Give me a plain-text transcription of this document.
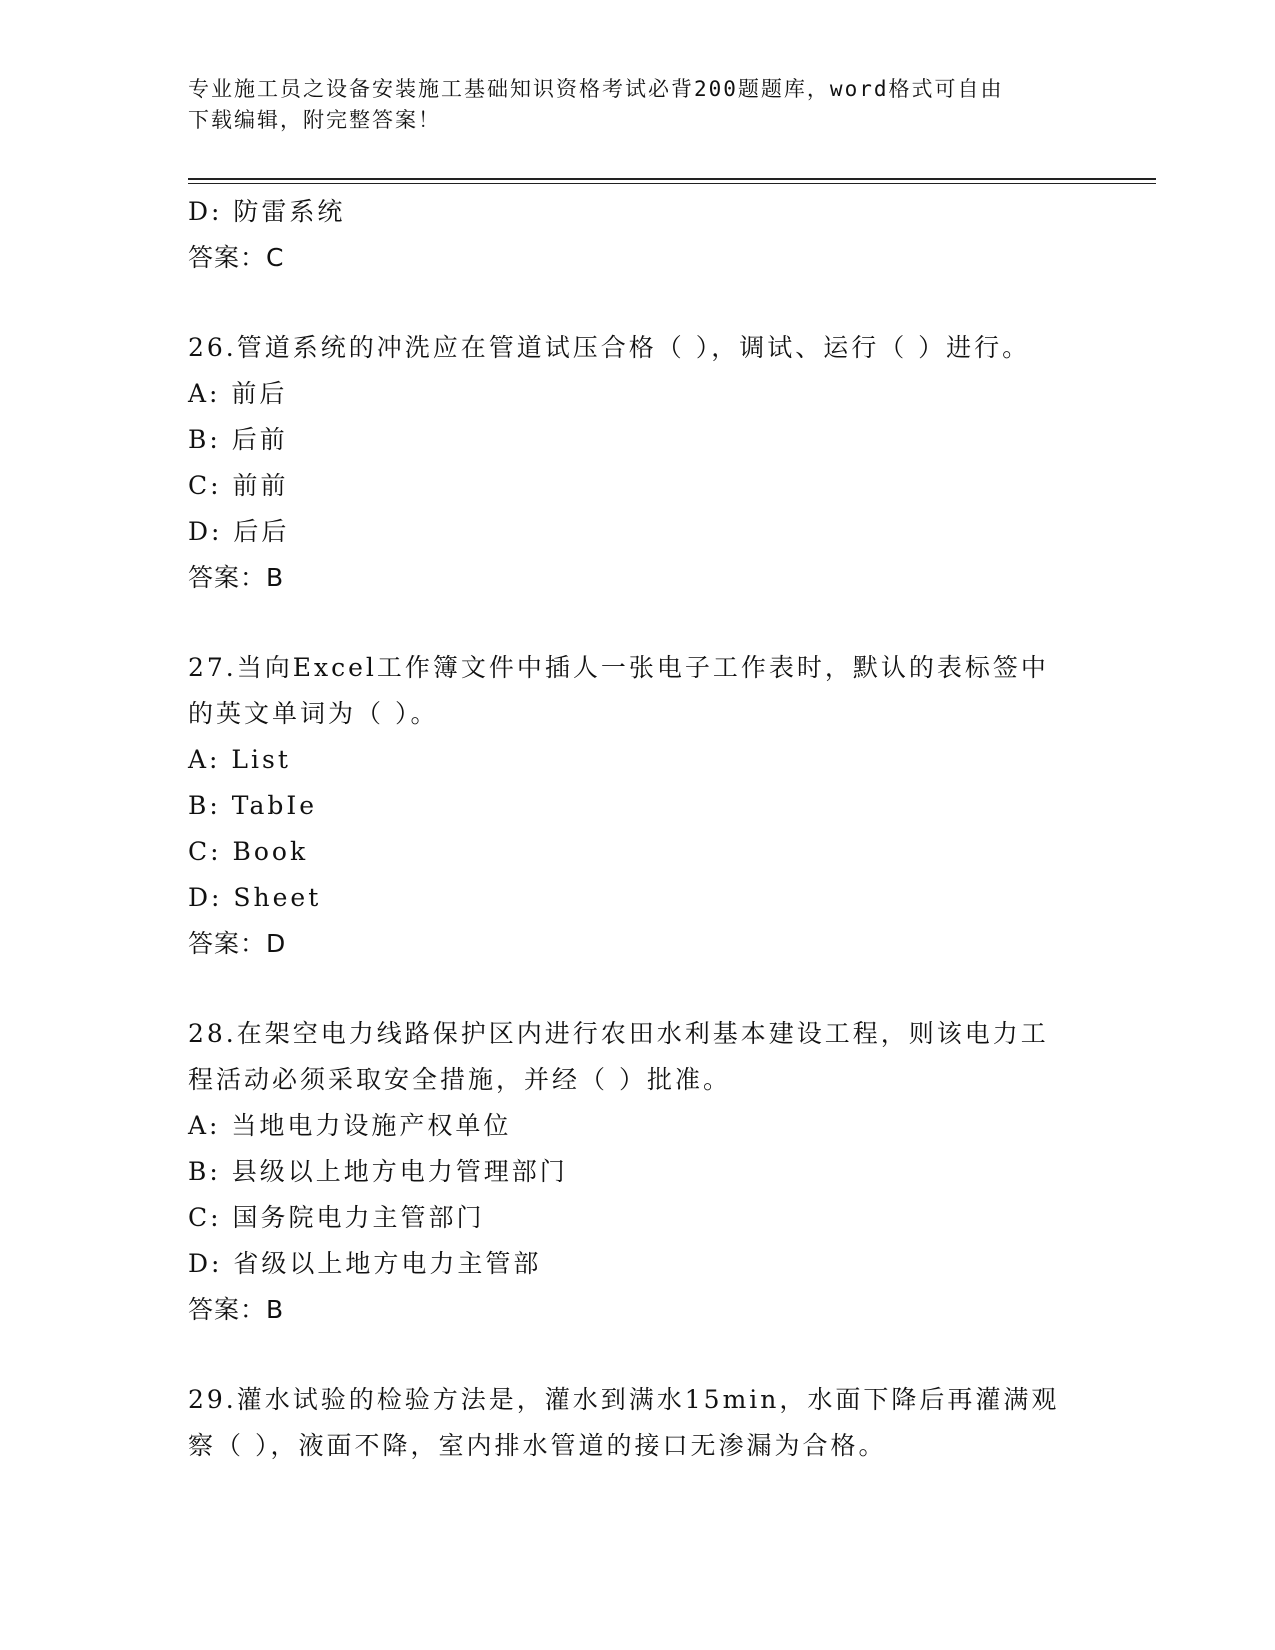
专业施工员之设备安装施工基础知识资格考试必背200题题库，word格式可自由
下载编辑，附完整答案！
D: 防雷系统
答案：C
26.管道系统的冲洗应在管道试压合格（ ），调试、运行（ ）进行。
A: 前后
B: 后前
C: 前前
D: 后后
答案：B
27.当向Excel工作簿文件中插人一张电子工作表时，默认的表标签中
的英文单词为（ ）。
A: List
B: TabIe
C: Book
D: Sheet
答案：D
28.在架空电力线路保护区内进行农田水利基本建设工程，则该电力工
程活动必须采取安全措施，并经（ ）批准。
A: 当地电力设施产权单位
B: 县级以上地方电力管理部门
C: 国务院电力主管部门
D: 省级以上地方电力主管部
答案：B
29.灌水试验的检验方法是，灌水到满水15min，水面下降后再灌满观
察（ ），液面不降，室内排水管道的接口无渗漏为合格。
